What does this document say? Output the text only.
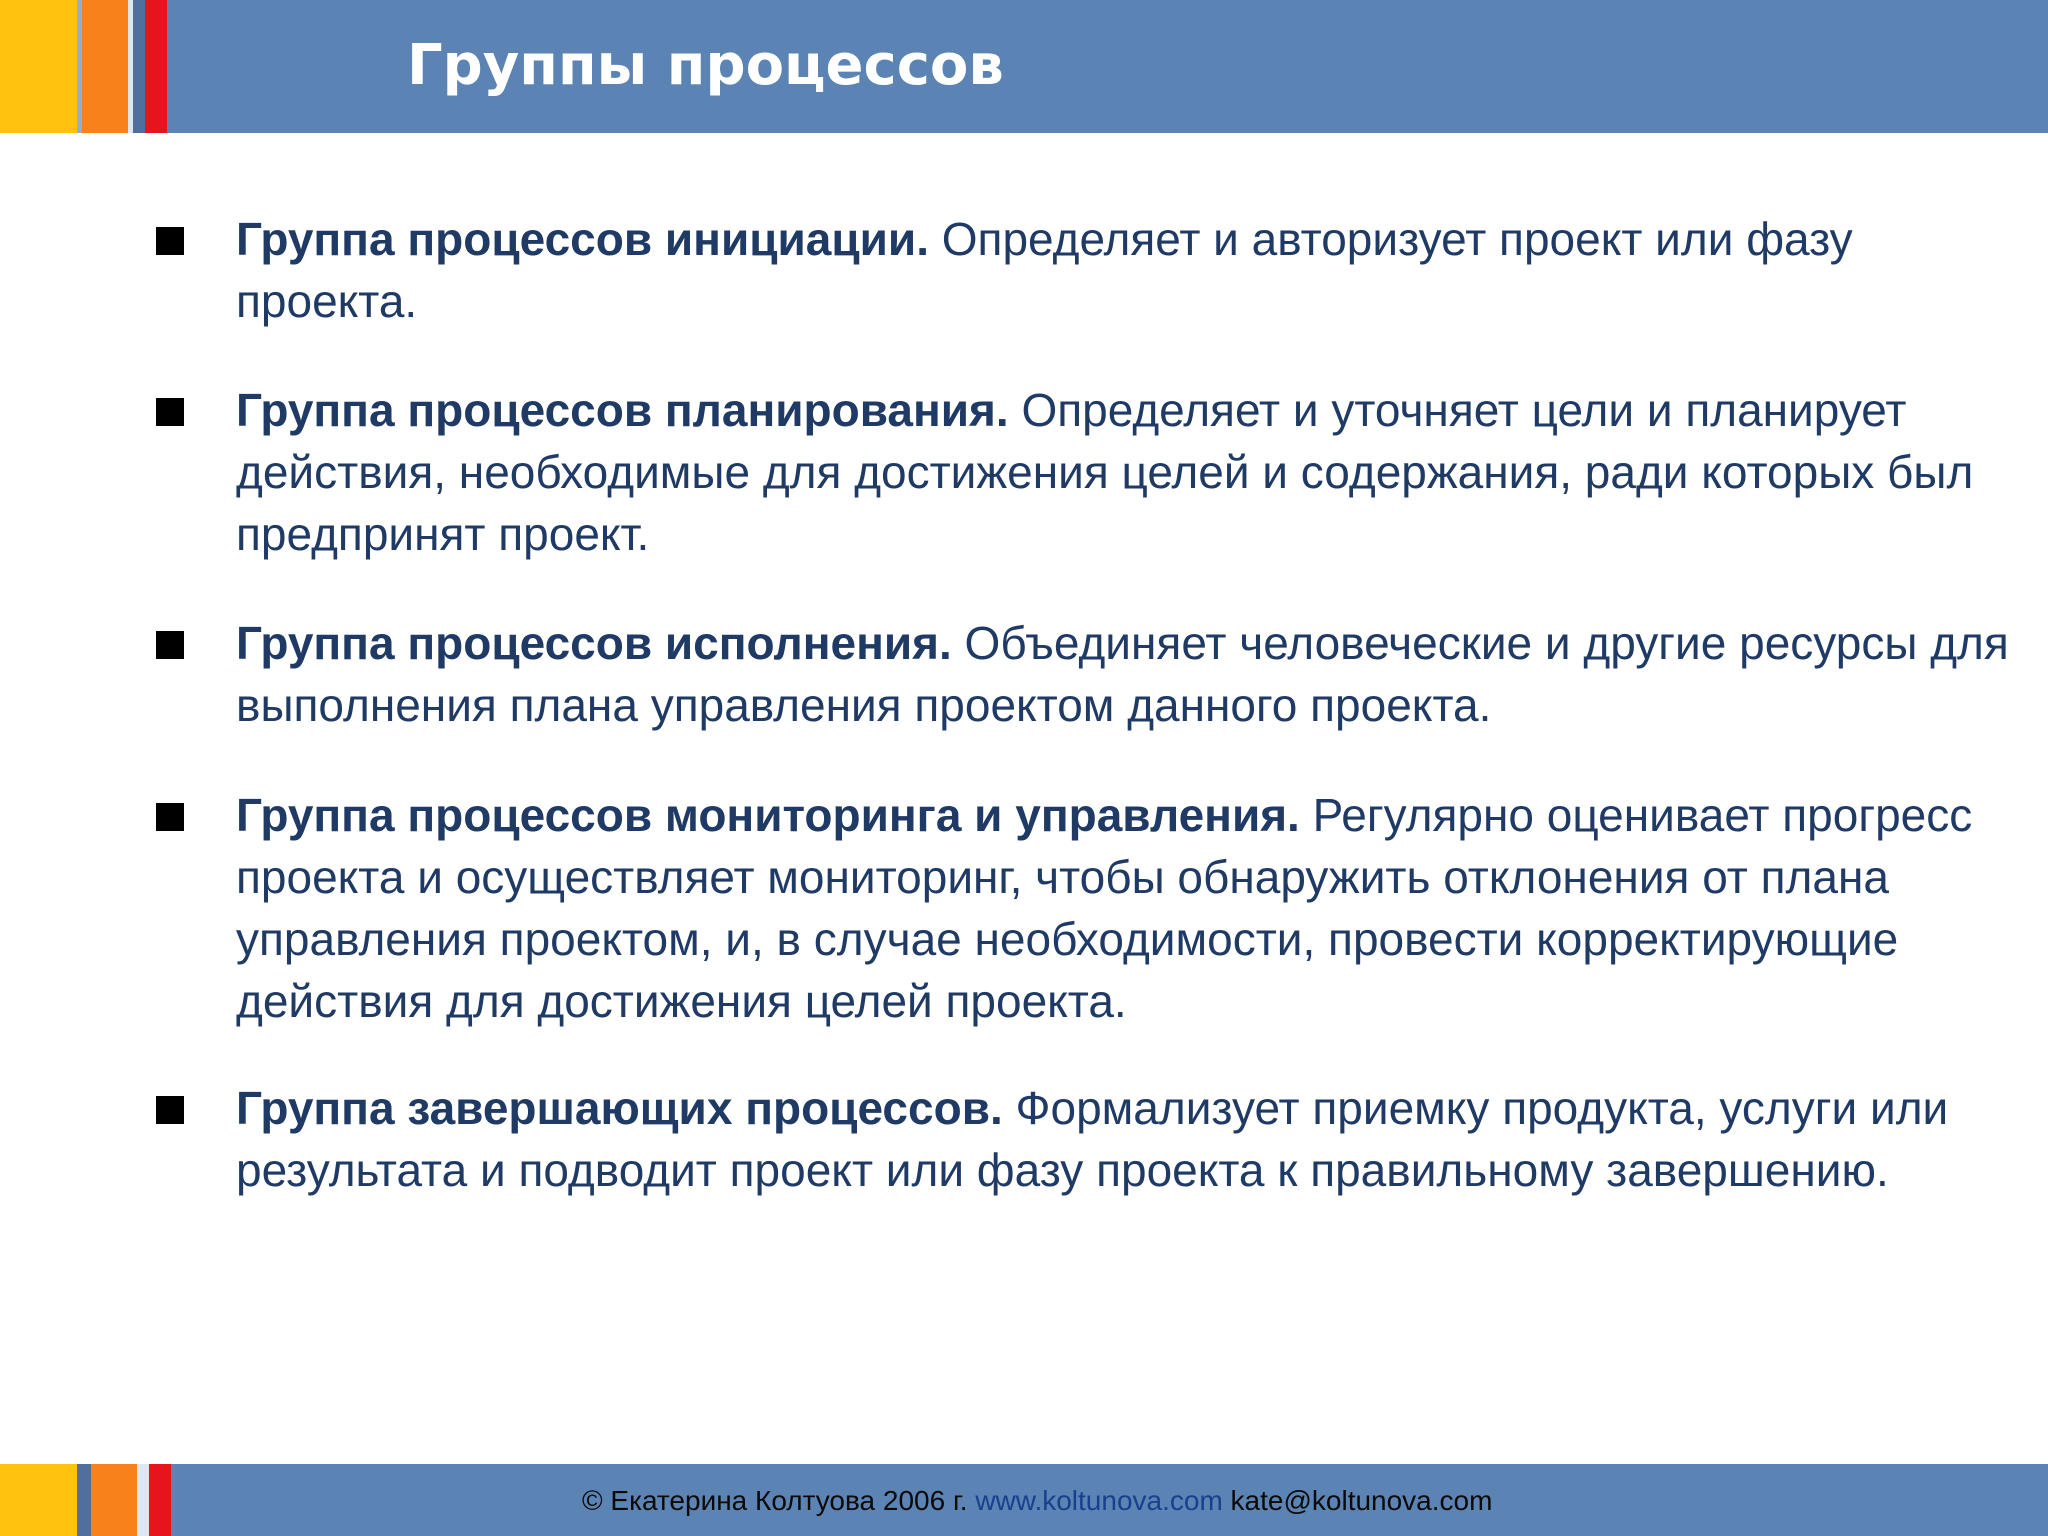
Группы процессов
Группа процессов инициации. Определяет и авторизует проект или фазу проекта.
Группа процессов планирования. Определяет и уточняет цели и планирует действия, необходимые для достижения целей и содержания, ради которых был предпринят проект.
Группа процессов исполнения. Объединяет человеческие и другие ресурсы для выполнения плана управления проектом данного проекта.
Группа процессов мониторинга и управления. Регулярно оценивает прогресс проекта и осуществляет мониторинг, чтобы обнаружить отклонения от плана управления проектом, и, в случае необходимости, провести корректирующие действия для достижения целей проекта.
Группа завершающих процессов. Формализует приемку продукта, услуги или результата и подводит проект или фазу проекта к правильному завершению.
© Екатерина Колтуова 2006 г. www.koltunova.com kate@koltunova.com
